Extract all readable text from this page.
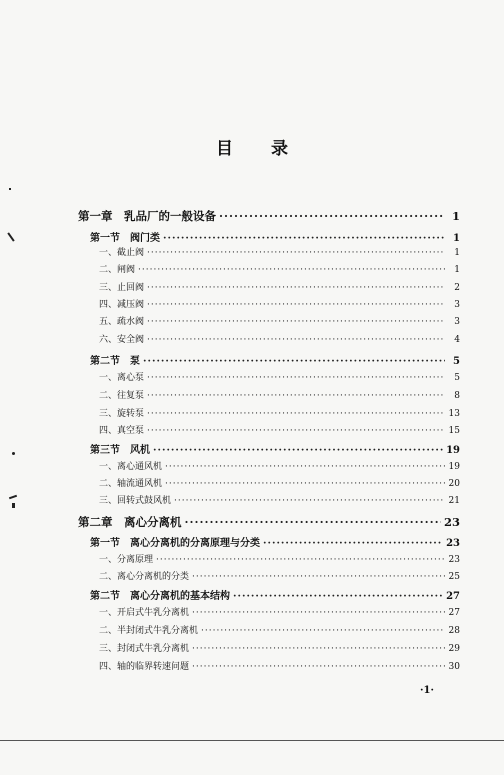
目 录
第一章　乳品厂的一般设备 ·····	1
第一节　阀门类 ·····	1
一、截止阀 ·····	1
二、闸阀 ·····	1
三、止回阀 ·····	2
四、减压阀 ·····	3
五、疏水阀 ·····	3
六、安全阀 ·····	4
第二节　泵 ·····	5
一、离心泵 ·····	5
二、往复泵 ·····	8
三、旋转泵 ·····	13
四、真空泵 ·····	15
第三节　风机 ·····	19
一、离心通风机 ·····	19
二、轴流通风机 ·····	20
三、回转式鼓风机 ·····	21
第二章　离心分离机 ·····	23
第一节　离心分离机的分离原理与分类 ·····	23
一、分离原理 ·····	23
二、离心分离机的分类 ·····	25
第二节　离心分离机的基本结构 ·····	27
一、开启式牛乳分离机 ·····	27
二、半封闭式牛乳分离机 ·····	28
三、封闭式牛乳分离机 ·····	29
四、轴的临界转速问题 ·····	30
·1·
